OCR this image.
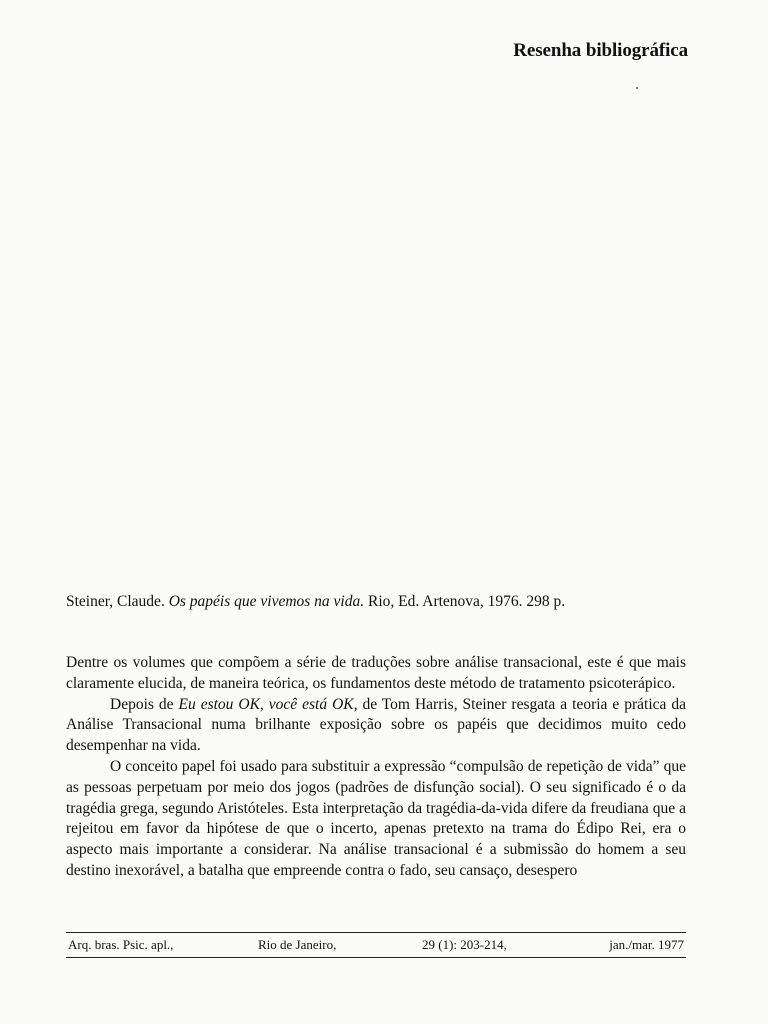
Resenha bibliográfica
Steiner, Claude. Os papéis que vivemos na vida. Rio, Ed. Artenova, 1976. 298 p.

Dentre os volumes que compõem a série de traduções sobre análise transacional, este é que mais claramente elucida, de maneira teórica, os fundamentos deste método de tratamento psicoterápico.

Depois de Eu estou OK, você está OK, de Tom Harris, Steiner resgata a teoria e prática da Análise Transacional numa brilhante exposição sobre os papéis que decidimos muito cedo desempenhar na vida.

O conceito papel foi usado para substituir a expressão “compulsão de repetição de vida” que as pessoas perpetuam por meio dos jogos (padrões de disfunção social). O seu significado é o da tragédia grega, segundo Aristóteles. Esta interpretação da tragédia-da-vida difere da freudiana que a rejeitou em favor da hipótese de que o incerto, apenas pretexto na trama do Édipo Rei, era o aspecto mais importante a considerar. Na análise transacional é a submissão do homem a seu destino inexorável, a batalha que empreende contra o fado, seu cansaço, desespero

Arq. bras. Psic. apl.,	Rio de Janeiro,	29 (1): 203-214,	jan./mar. 1977
